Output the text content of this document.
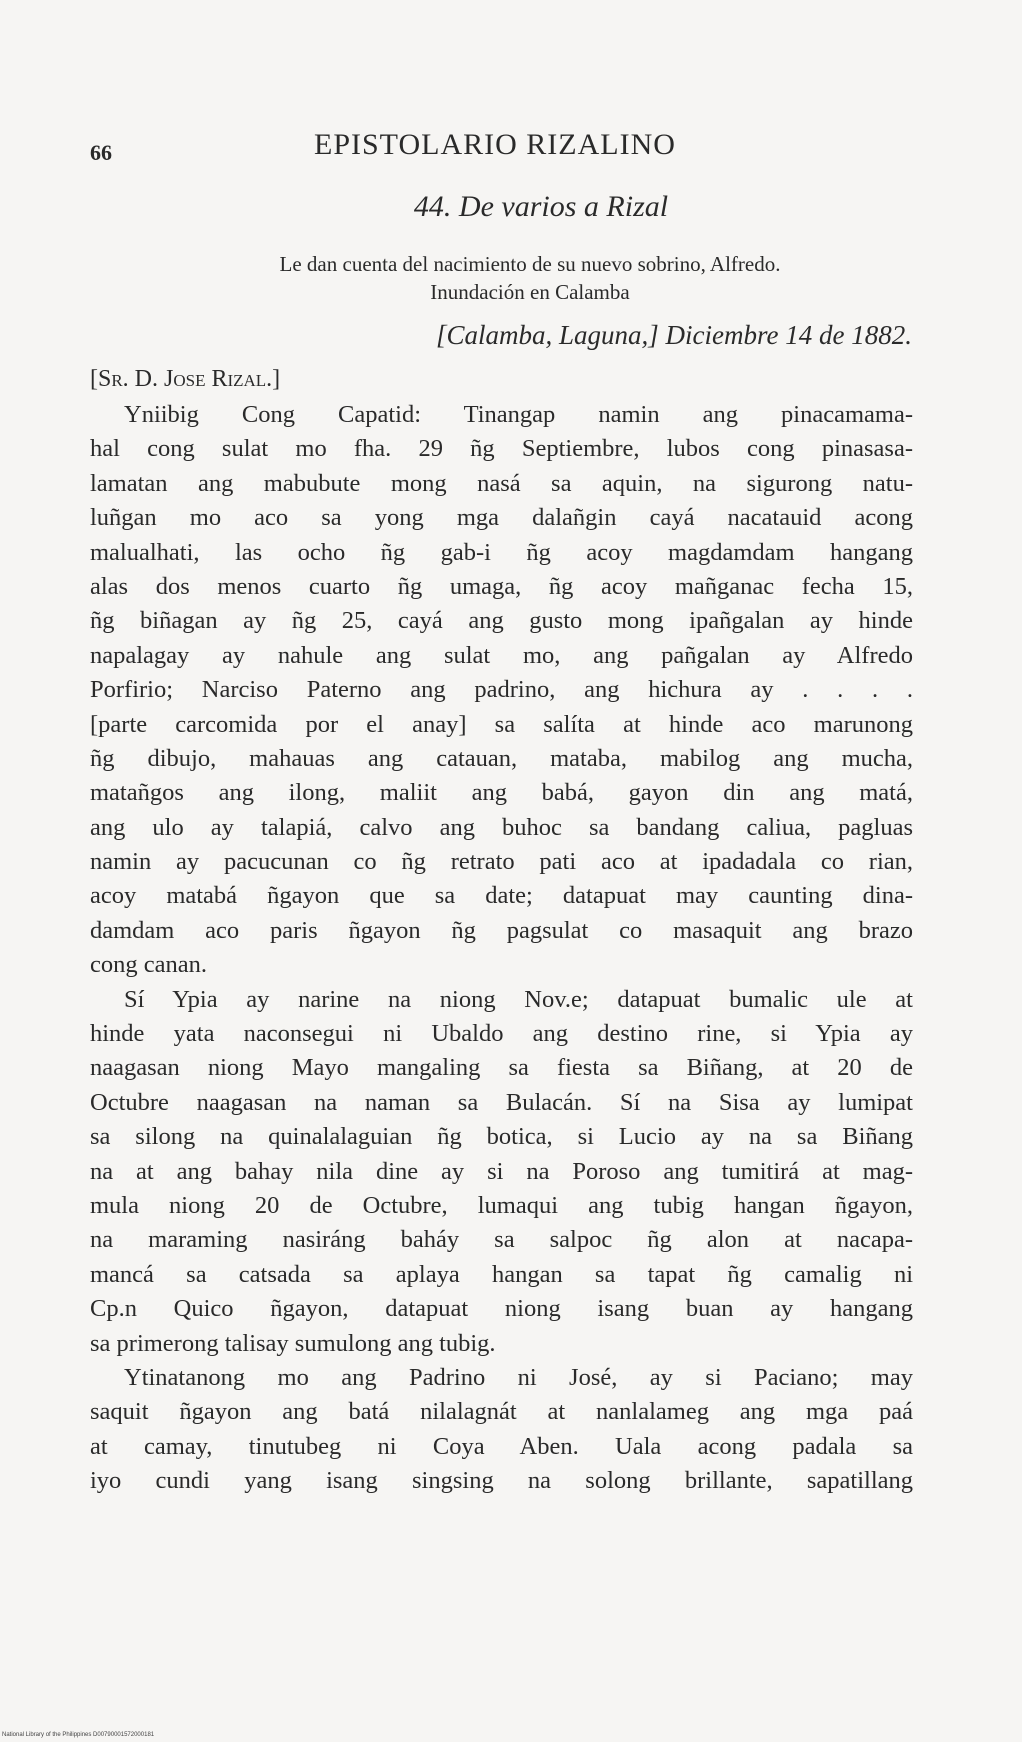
66	EPISTOLARIO RIZALINO
44. De varios a Rizal
Le dan cuenta del nacimiento de su nuevo sobrino, Alfredo.
Inundación en Calamba
[Calamba, Laguna,] Diciembre 14 de 1882.
[Sr. D. Jose Rizal.]
Yniibig Cong Capatid: Tinangap namin ang pinacamama-
hal cong sulat mo fha. 29 ñg Septiembre, lubos cong pinasasa-
lamatan ang mabubute mong nasá sa aquin, na sigurong natu-
luñgan mo aco sa yong mga dalañgin cayá nacatauid acong
malualhati, las ocho ñg gab-i ñg acoy magdamdam hangang
alas dos menos cuarto ñg umaga, ñg acoy mañganac fecha 15,
ñg biñagan ay ñg 25, cayá ang gusto mong ipañgalan ay hinde
napalagay ay nahule ang sulat mo, ang pañgalan ay Alfredo
Porfirio; Narciso Paterno ang padrino, ang hichura ay . . . .
[parte carcomida por el anay] sa salíta at hinde aco marunong
ñg dibujo, mahauas ang catauan, mataba, mabilog ang mucha,
matañgos ang ilong, maliit ang babá, gayon din ang matá,
ang ulo ay talapiá, calvo ang buhoc sa bandang caliua, pagluas
namin ay pacucunan co ñg retrato pati aco at ipadadala co rian,
acoy matabá ñgayon que sa date; datapuat may caunting dina-
damdam aco paris ñgayon ñg pagsulat co masaquit ang brazo
cong canan.
Sí Ypia ay narine na niong Nov.e; datapuat bumalic ule at
hinde yata naconsegui ni Ubaldo ang destino rine, si Ypia ay
naagasan niong Mayo mangaling sa fiesta sa Biñang, at 20 de
Octubre naagasan na naman sa Bulacán. Sí na Sisa ay lumipat
sa silong na quinalalaguian ñg botica, si Lucio ay na sa Biñang
na at ang bahay nila dine ay si na Poroso ang tumitirá at mag-
mula niong 20 de Octubre, lumaqui ang tubig hangan ñgayon,
na maraming nasiráng baháy sa salpoc ñg alon at nacapa-
mancá sa catsada sa aplaya hangan sa tapat ñg camalig ni
Cp.n Quico ñgayon, datapuat niong isang buan ay hangang
sa primerong talisay sumulong ang tubig.
Ytinatanong mo ang Padrino ni José, ay si Paciano; may
saquit ñgayon ang batá nilalagnát at nanlalameg ang mga paá
at camay, tinutubeg ni Coya Aben. Uala acong padala sa
iyo cundi yang isang singsing na solong brillante, sapatillang
National Library of the Philippines D00790001572000181
